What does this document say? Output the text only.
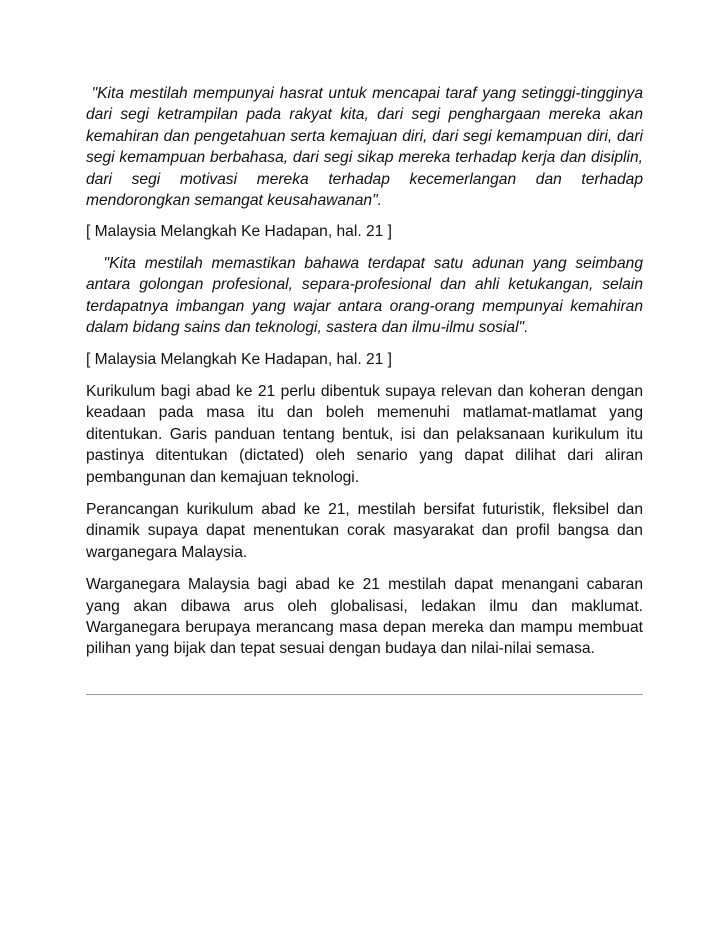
"Kita mestilah mempunyai hasrat untuk mencapai taraf yang setinggi-tingginya dari segi ketrampilan pada rakyat kita, dari segi penghargaan mereka akan kemahiran dan pengetahuan serta kemajuan diri, dari segi kemampuan diri, dari segi kemampuan berbahasa, dari segi sikap mereka terhadap kerja dan disiplin, dari segi motivasi mereka terhadap kecemerlangan dan terhadap mendorongkan semangat keusahawanan".

[ Malaysia Melangkah Ke Hadapan, hal. 21 ]

"Kita mestilah memastikan bahawa terdapat satu adunan yang seimbang antara golongan profesional, separa-profesional dan ahli ketukangan, selain terdapatnya imbangan yang wajar antara orang-orang mempunyai kemahiran dalam bidang sains dan teknologi, sastera dan ilmu-ilmu sosial".

[ Malaysia Melangkah Ke Hadapan, hal. 21 ]

Kurikulum bagi abad ke 21 perlu dibentuk supaya relevan dan koheran dengan keadaan pada masa itu dan boleh memenuhi matlamat-matlamat yang ditentukan. Garis panduan tentang bentuk, isi dan pelaksanaan kurikulum itu pastinya ditentukan (dictated) oleh senario yang dapat dilihat dari aliran pembangunan dan kemajuan teknologi.

Perancangan kurikulum abad ke 21, mestilah bersifat futuristik, fleksibel dan dinamik supaya dapat menentukan corak masyarakat dan profil bangsa dan warganegara Malaysia.

Warganegara Malaysia bagi abad ke 21 mestilah dapat menangani cabaran yang akan dibawa arus oleh globalisasi, ledakan ilmu dan maklumat. Warganegara berupaya merancang masa depan mereka dan mampu membuat pilihan yang bijak dan tepat sesuai dengan budaya dan nilai-nilai semasa.
